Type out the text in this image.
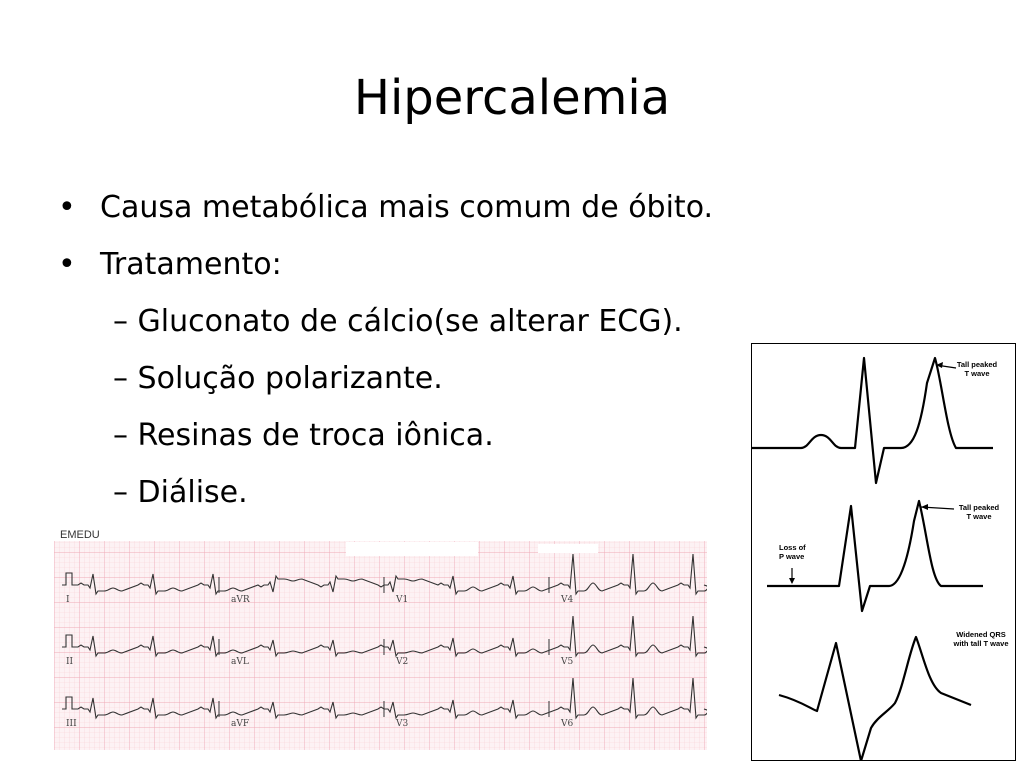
Hipercalemia
• Causa metabólica mais comum de óbito.
• Tratamento:
– Gluconato de cálcio(se alterar ECG).
– Solução polarizante.
– Resinas de troca iônica.
– Diálise.
EMEDU
I	aVR	V1	V4
II	aVL	V2	V5
III	aVF	V3	V6
Tall peaked T wave
Tall peaked T wave
Loss of P wave
Widened QRS with tall T wave
